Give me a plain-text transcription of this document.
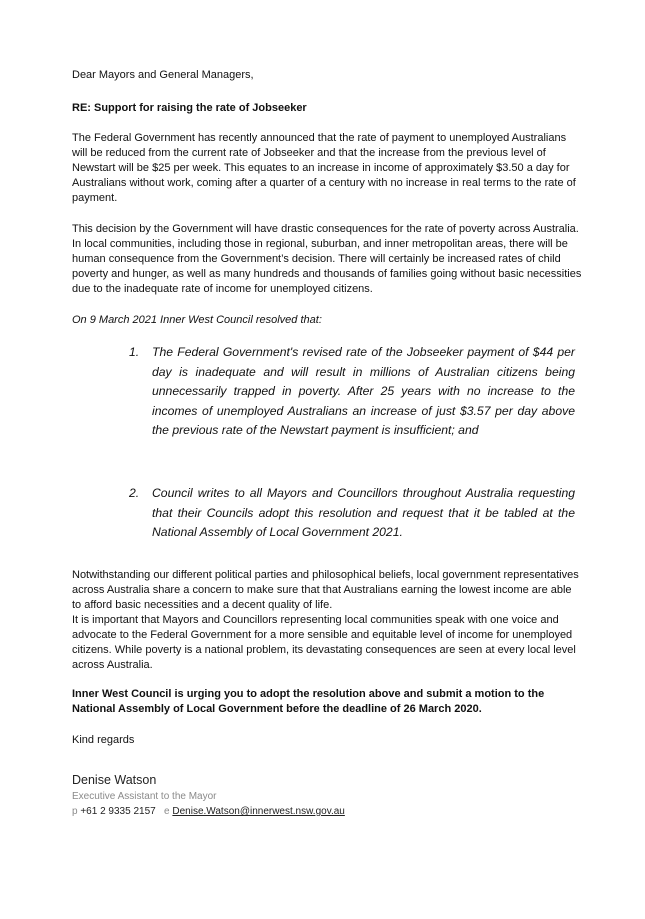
Dear Mayors and General Managers,
RE: Support for raising the rate of Jobseeker
The Federal Government has recently announced that the rate of payment to unemployed Australians will be reduced from the current rate of Jobseeker and that the increase from the previous level of Newstart will be $25 per week. This equates to an increase in income of approximately $3.50 a day for Australians without work, coming after a quarter of a century with no increase in real terms to the rate of payment.
This decision by the Government will have drastic consequences for the rate of poverty across Australia. In local communities, including those in regional, suburban, and inner metropolitan areas, there will be human consequence from the Government’s decision. There will certainly be increased rates of child poverty and hunger, as well as many hundreds and thousands of families going without basic necessities due to the inadequate rate of income for unemployed citizens.
On 9 March 2021 Inner West Council resolved that:
1. The Federal Government's revised rate of the Jobseeker payment of $44 per day is inadequate and will result in millions of Australian citizens being unnecessarily trapped in poverty. After 25 years with no increase to the incomes of unemployed Australians an increase of just $3.57 per day above the previous rate of the Newstart payment is insufficient; and
2. Council writes to all Mayors and Councillors throughout Australia requesting that their Councils adopt this resolution and request that it be tabled at the National Assembly of Local Government 2021.
Notwithstanding our different political parties and philosophical beliefs, local government representatives across Australia share a concern to make sure that that Australians earning the lowest income are able to afford basic necessities and a decent quality of life.
It is important that Mayors and Councillors representing local communities speak with one voice and advocate to the Federal Government for a more sensible and equitable level of income for unemployed citizens. While poverty is a national problem, its devastating consequences are seen at every local level across Australia.
Inner West Council is urging you to adopt the resolution above and submit a motion to the National Assembly of Local Government before the deadline of 26 March 2020.
Kind regards
Denise Watson
Executive Assistant to the Mayor
p +61 2 9335 2157 e Denise.Watson@innerwest.nsw.gov.au
